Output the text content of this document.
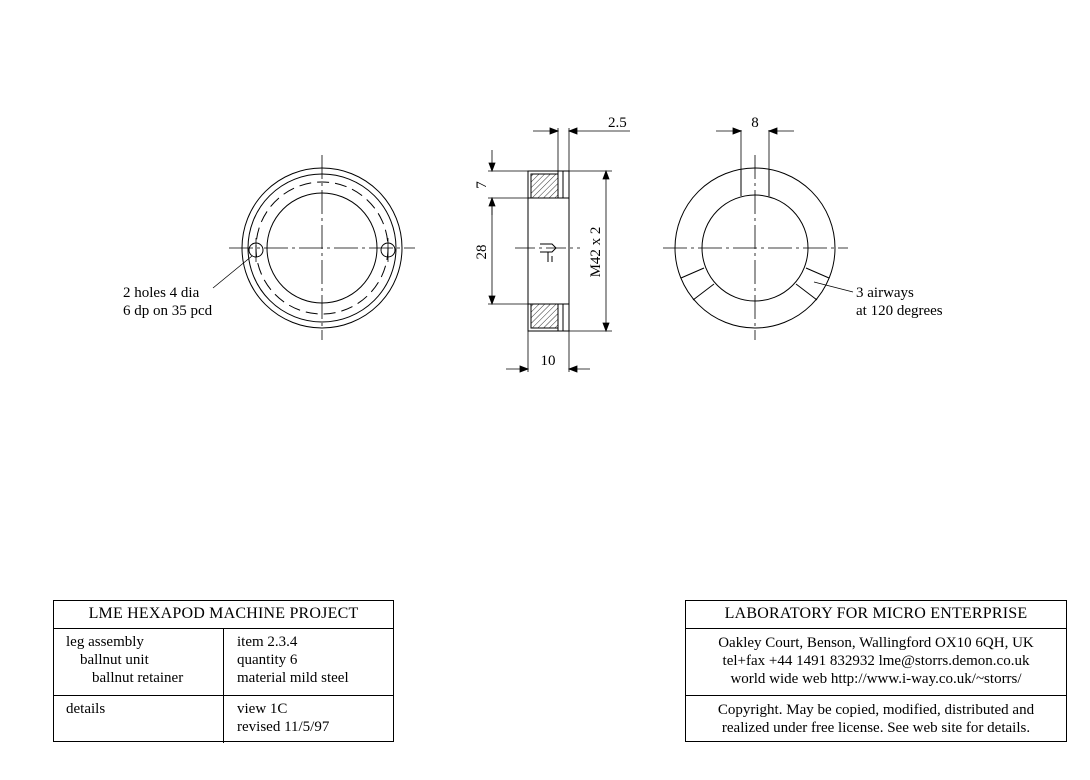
2 holes 4 dia
6 dp on 35 pcd
2.5
7
28	M42 x 2
10
8
3 airways
at 120 degrees
LME HEXAPOD MACHINE PROJECT
leg assembly
ballnut unit
ballnut retainer
item 2.3.4
quantity 6
material mild steel
details	view 1C
revised 11/5/97
LABORATORY FOR MICRO ENTERPRISE
Oakley Court, Benson, Wallingford OX10 6QH, UK
tel+fax +44 1491 832932 lme@storrs.demon.co.uk
world wide web http://www.i-way.co.uk/~storrs/
Copyright. May be copied, modified, distributed and
realized under free license. See web site for details.
